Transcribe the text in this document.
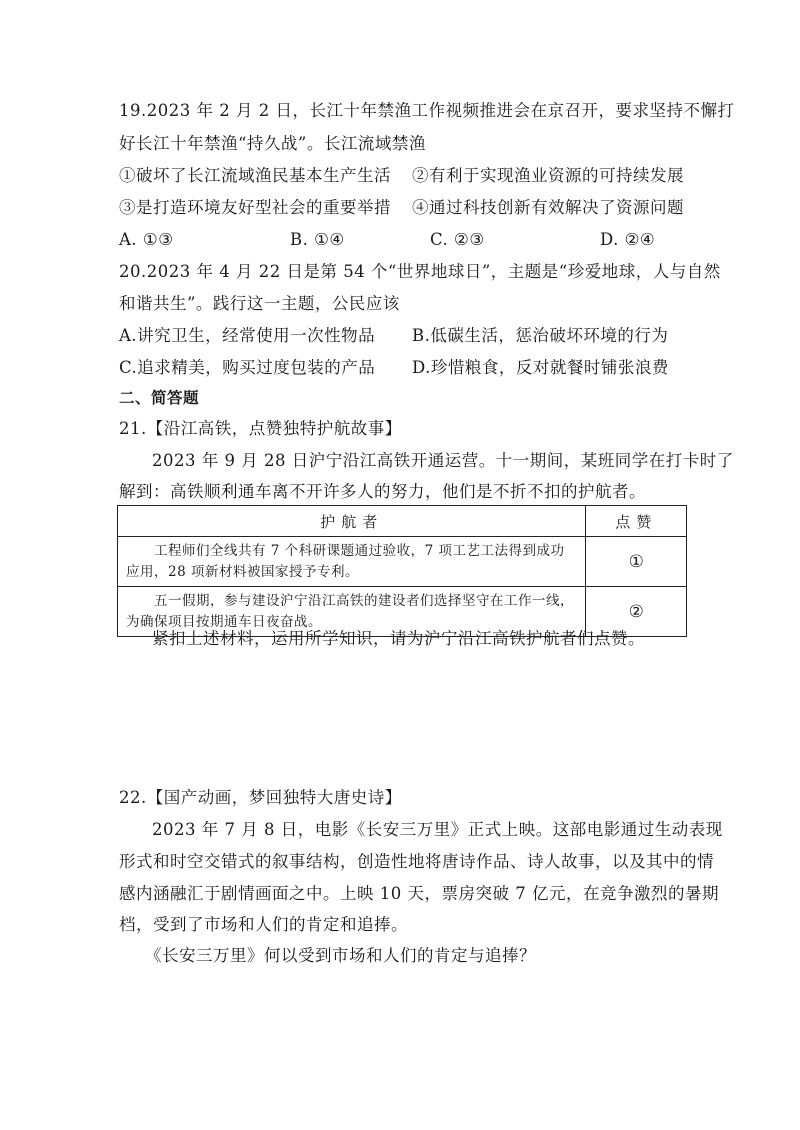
19.2023 年 2 月 2 日，长江十年禁渔工作视频推进会在京召开，要求坚持不懈打
好长江十年禁渔“持久战”。长江流域禁渔
①破坏了长江流域渔民基本生产生活 ②有利于实现渔业资源的可持续发展
③是打造环境友好型社会的重要举措 ④通过科技创新有效解决了资源问题
A. ①③	B. ①④	C. ②③	D. ②④
20.2023 年 4 月 22 日是第 54 个“世界地球日”，主题是“珍爱地球，人与自然
和谐共生”。践行这一主题，公民应该
A.讲究卫生，经常使用一次性物品 B.低碳生活，惩治破坏环境的行为
C.追求精美，购买过度包装的产品 D.珍惜粮食，反对就餐时铺张浪费
二、简答题
21.【沿江高铁，点赞独特护航故事】
2023 年 9 月 28 日沪宁沿江高铁开通运营。十一期间，某班同学在打卡时了
解到：高铁顺利通车离不开许多人的努力，他们是不折不扣的护航者。
护航者	点赞

工程师们全线共有 7 个科研课题通过验收，7 项工艺工法得到成功应用，28 项新材料被国家授予专利。	①

五一假期，参与建设沪宁沿江高铁的建设者们选择坚守在工作一线，为确保项目按期通车日夜奋战。	②
紧扣上述材料，运用所学知识，请为沪宁沿江高铁护航者们点赞。
22.【国产动画，梦回独特大唐史诗】
2023 年 7 月 8 日，电影《长安三万里》正式上映。这部电影通过生动表现
形式和时空交错式的叙事结构，创造性地将唐诗作品、诗人故事，以及其中的情
感内涵融汇于剧情画面之中。上映 10 天，票房突破 7 亿元，在竞争激烈的暑期
档，受到了市场和人们的肯定和追捧。
《长安三万里》何以受到市场和人们的肯定与追捧？
